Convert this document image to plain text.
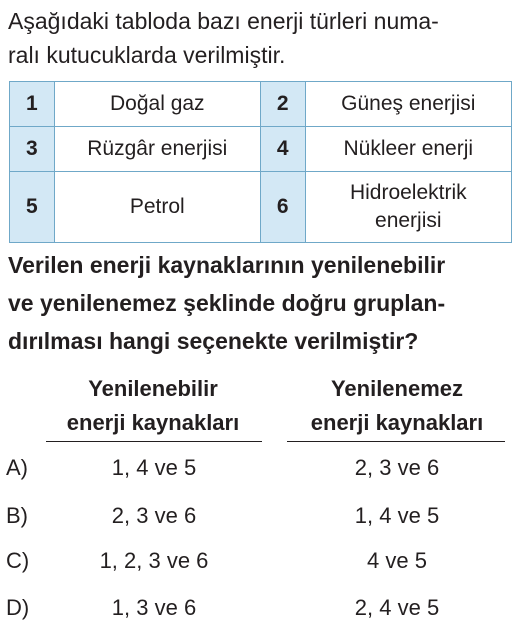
Aşağıdaki tabloda bazı enerji türleri numa-
ralı kutucuklarda verilmiştir.
1	Doğal gaz	2	Güneş enerjisi
3	Rüzgâr enerjisi	4	Nükleer enerji
5	Petrol	6	Hidroelektrik
enerjisi
Verilen enerji kaynaklarının yenilenebilir
ve yenilenemez şeklinde doğru gruplan-
dırılması hangi seçenekte verilmiştir?
Yenilenebilir
enerji kaynakları
Yenilenemez
enerji kaynakları
A)	1, 4 ve 5	2, 3 ve 6
B)	2, 3 ve 6	1, 4 ve 5
C)	1, 2, 3 ve 6	4 ve 5
D)	1, 3 ve 6	2, 4 ve 5
